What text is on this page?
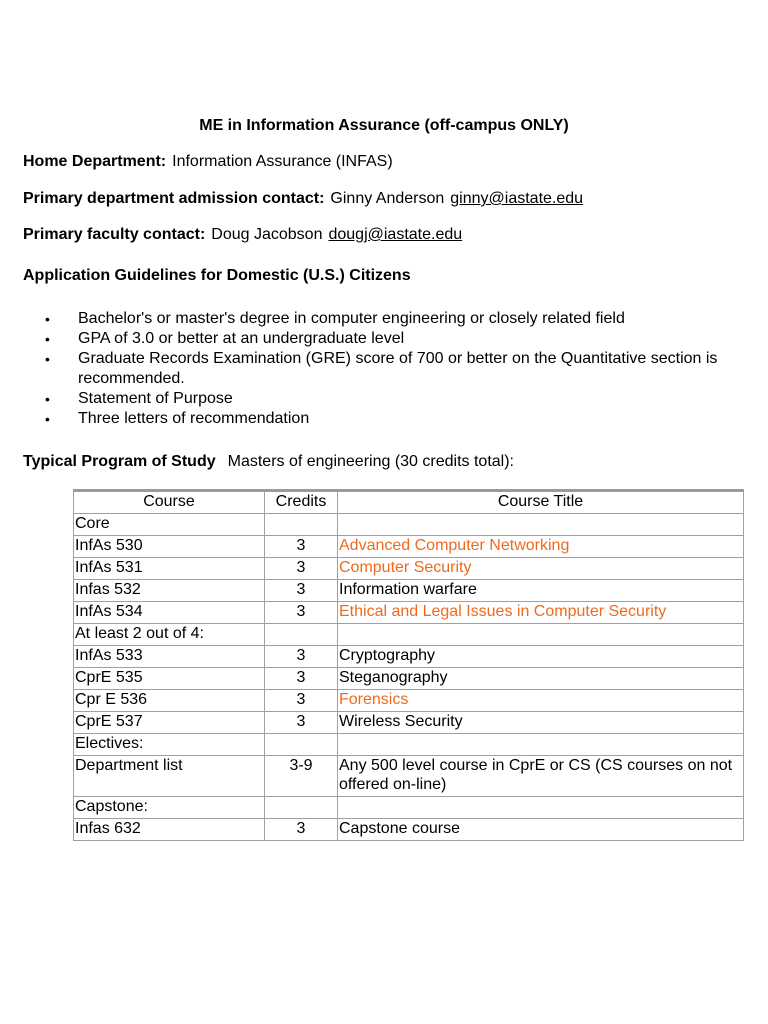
ME in Information Assurance (off-campus ONLY)
Home Department: Information Assurance (INFAS)
Primary department admission contact: Ginny Anderson ginny@iastate.edu
Primary faculty contact: Doug Jacobson dougj@iastate.edu
Application Guidelines for Domestic (U.S.) Citizens
• Bachelor's or master's degree in computer engineering or closely related field
• GPA of 3.0 or better at an undergraduate level
• Graduate Records Examination (GRE) score of 700 or better on the Quantitative section is recommended.
• Statement of Purpose
• Three letters of recommendation
Typical Program of Study Masters of engineering (30 credits total):
Course	Credits	Course Title
Core		
InfAs 530	3	Advanced Computer Networking
InfAs 531	3	Computer Security
Infas 532	3	Information warfare
InfAs 534	3	Ethical and Legal Issues in Computer Security
At least 2 out of 4:		
InfAs 533	3	Cryptography
CprE 535	3	Steganography
Cpr E 536	3	Forensics
CprE 537	3	Wireless Security
Electives:		
Department list	3-9	Any 500 level course in CprE or CS (CS courses on not offered on-line)
Capstone:		
Infas 632	3	Capstone course
